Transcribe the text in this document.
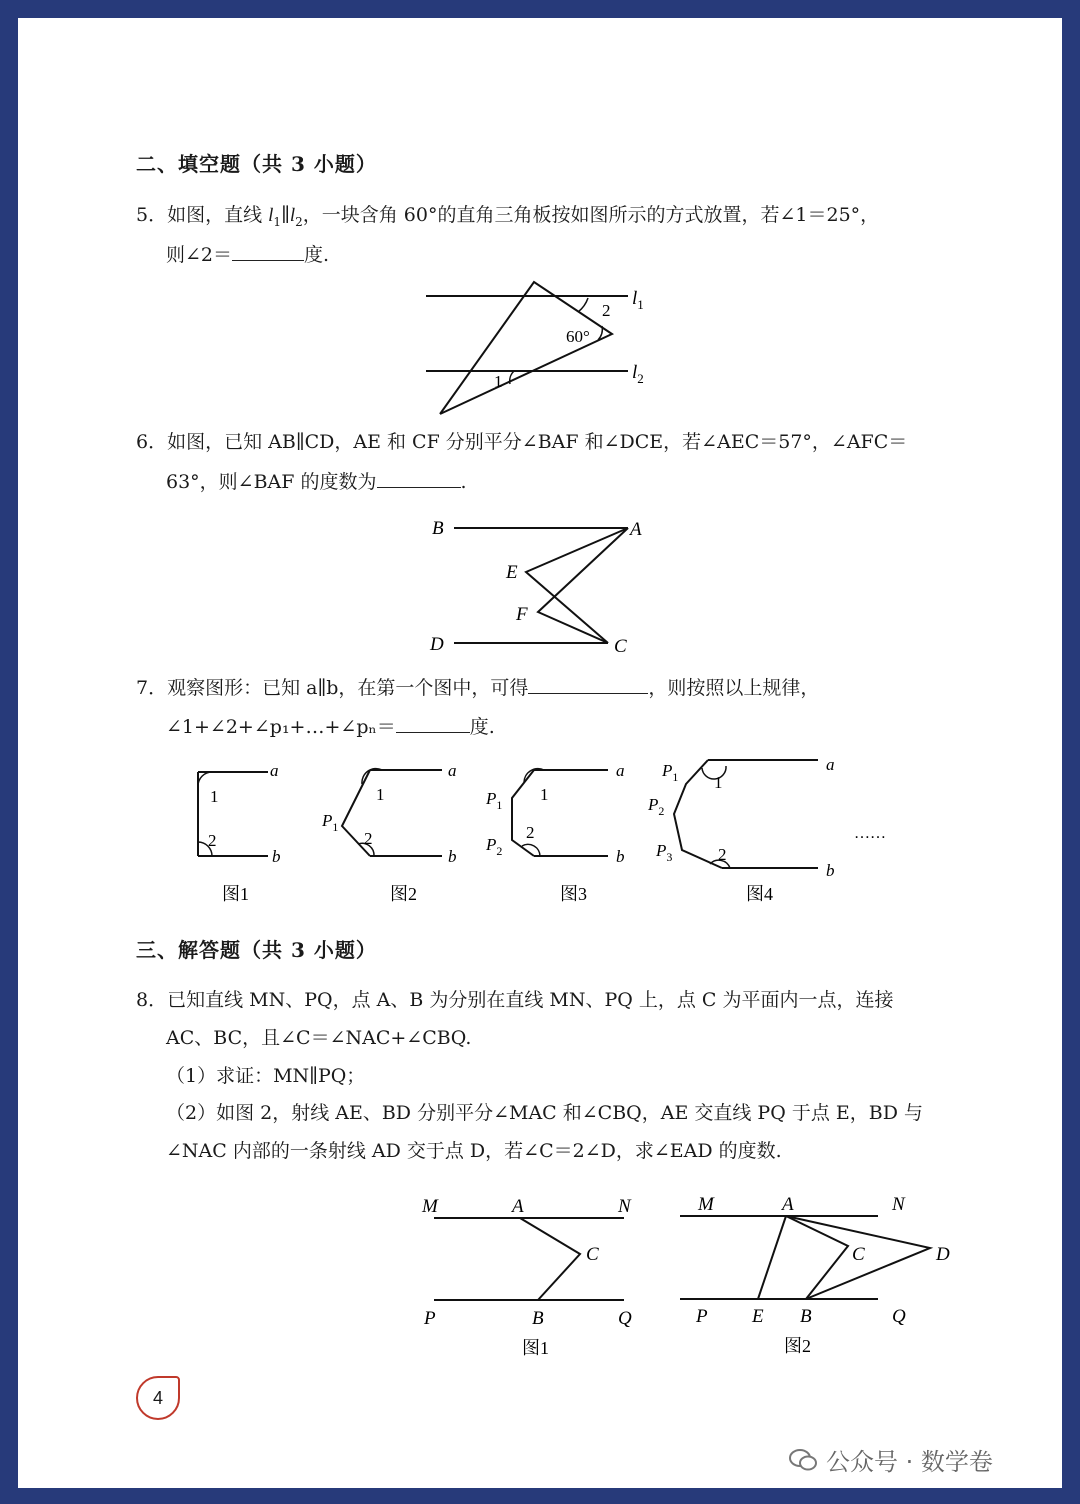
二、填空题（共 3 小题）
5．如图，直线 $l_1\parallel l_2$，一块含角 60°的直角三角板按如图所示的方式放置，若∠1＝25°，
则∠2＝	度.
$l_1$
$l_2$
2
60°
1
6．如图，已知 AB∥CD，AE 和 CF 分别平分∠BAF 和∠DCE，若∠AEC＝57°，∠AFC＝
63°，则∠BAF 的度数为	.
B	A
E
F
D	C
7．观察图形：已知 a∥b，在第一个图中，可得	，则按照以上规律，
∠1+∠2+∠p₁+…+∠pₙ＝	度.
a
b
1
2
图1
a
b
1
2
$P_1$
图2
a
b
1
2
$P_1$
$P_2$
图3
a
b
1
2
$P_1$
$P_2$
$P_3$
图4
……
三、解答题（共 3 小题）
8．已知直线 MN、PQ，点 A、B 为分别在直线 MN、PQ 上，点 C 为平面内一点，连接
AC、BC，且∠C＝∠NAC+∠CBQ.
（1）求证：MN∥PQ；
（2）如图 2，射线 AE、BD 分别平分∠MAC 和∠CBQ，AE 交直线 PQ 于点 E，BD 与
∠NAC 内部的一条射线 AD 交于点 D，若∠C＝2∠D，求∠EAD 的度数.
M	A	N
C
P	B	Q
图1
M	A	N
C	D
P E B	Q
图2
4
公众号 · 数学卷
